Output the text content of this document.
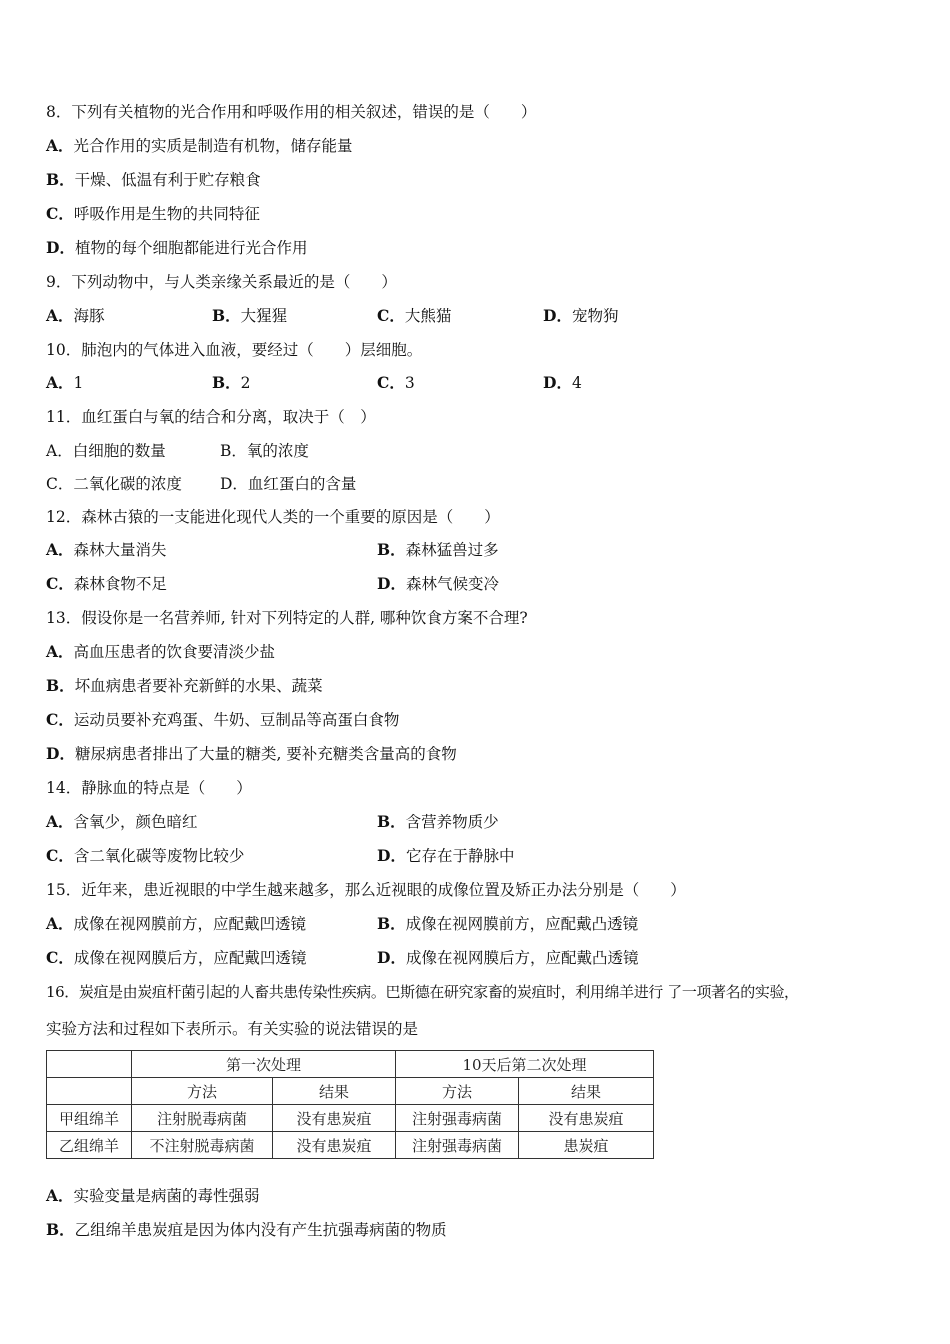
8．下列有关植物的光合作用和呼吸作用的相关叙述，错误的是（　　）
A．光合作用的实质是制造有机物，储存能量
B．干燥、低温有利于贮存粮食
C．呼吸作用是生物的共同特征
D．植物的每个细胞都能进行光合作用
9．下列动物中，与人类亲缘关系最近的是（　　）
A．海豚	B．大猩猩	C．大熊猫	D．宠物狗
10．肺泡内的气体进入血液，要经过（　　）层细胞。
A．1	B．2	C．3	D．4
11．血红蛋白与氧的结合和分离，取决于（　）
A．白细胞的数量	B．氧的浓度
C．二氧化碳的浓度 D．血红蛋白的含量
12．森林古猿的一支能进化现代人类的一个重要的原因是（　　）
A．森林大量消失	B．森林猛兽过多
C．森林食物不足	D．森林气候变冷
13．假设你是一名营养师, 针对下列特定的人群, 哪种饮食方案不合理?
A．高血压患者的饮食要清淡少盐
B．坏血病患者要补充新鲜的水果、蔬菜
C．运动员要补充鸡蛋、牛奶、豆制品等高蛋白食物
D．糖尿病患者排出了大量的糖类, 要补充糖类含量高的食物
14．静脉血的特点是（　　）
A．含氧少，颜色暗红	B．含营养物质少
C．含二氧化碳等废物比较少	D．它存在于静脉中
15．近年来，患近视眼的中学生越来越多，那么近视眼的成像位置及矫正办法分别是（　　）
A．成像在视网膜前方，应配戴凹透镜	B．成像在视网膜前方，应配戴凸透镜
C．成像在视网膜后方，应配戴凹透镜	D．成像在视网膜后方，应配戴凸透镜
16．炭疽是由炭疽杆菌引起的人畜共患传染性疾病。巴斯德在研究家畜的炭疽时，利用绵羊进行 了一项著名的实验，
实验方法和过程如下表所示。有关实验的说法错误的是
	第一次处理		10天后第二次处理	
	方法	结果	方法	结果
甲组绵羊	注射脱毒病菌	没有患炭疽	注射强毒病菌	没有患炭疽
乙组绵羊	不注射脱毒病菌	没有患炭疽	注射强毒病菌	患炭疽
A．实验变量是病菌的毒性强弱
B．乙组绵羊患炭疽是因为体内没有产生抗强毒病菌的物质
